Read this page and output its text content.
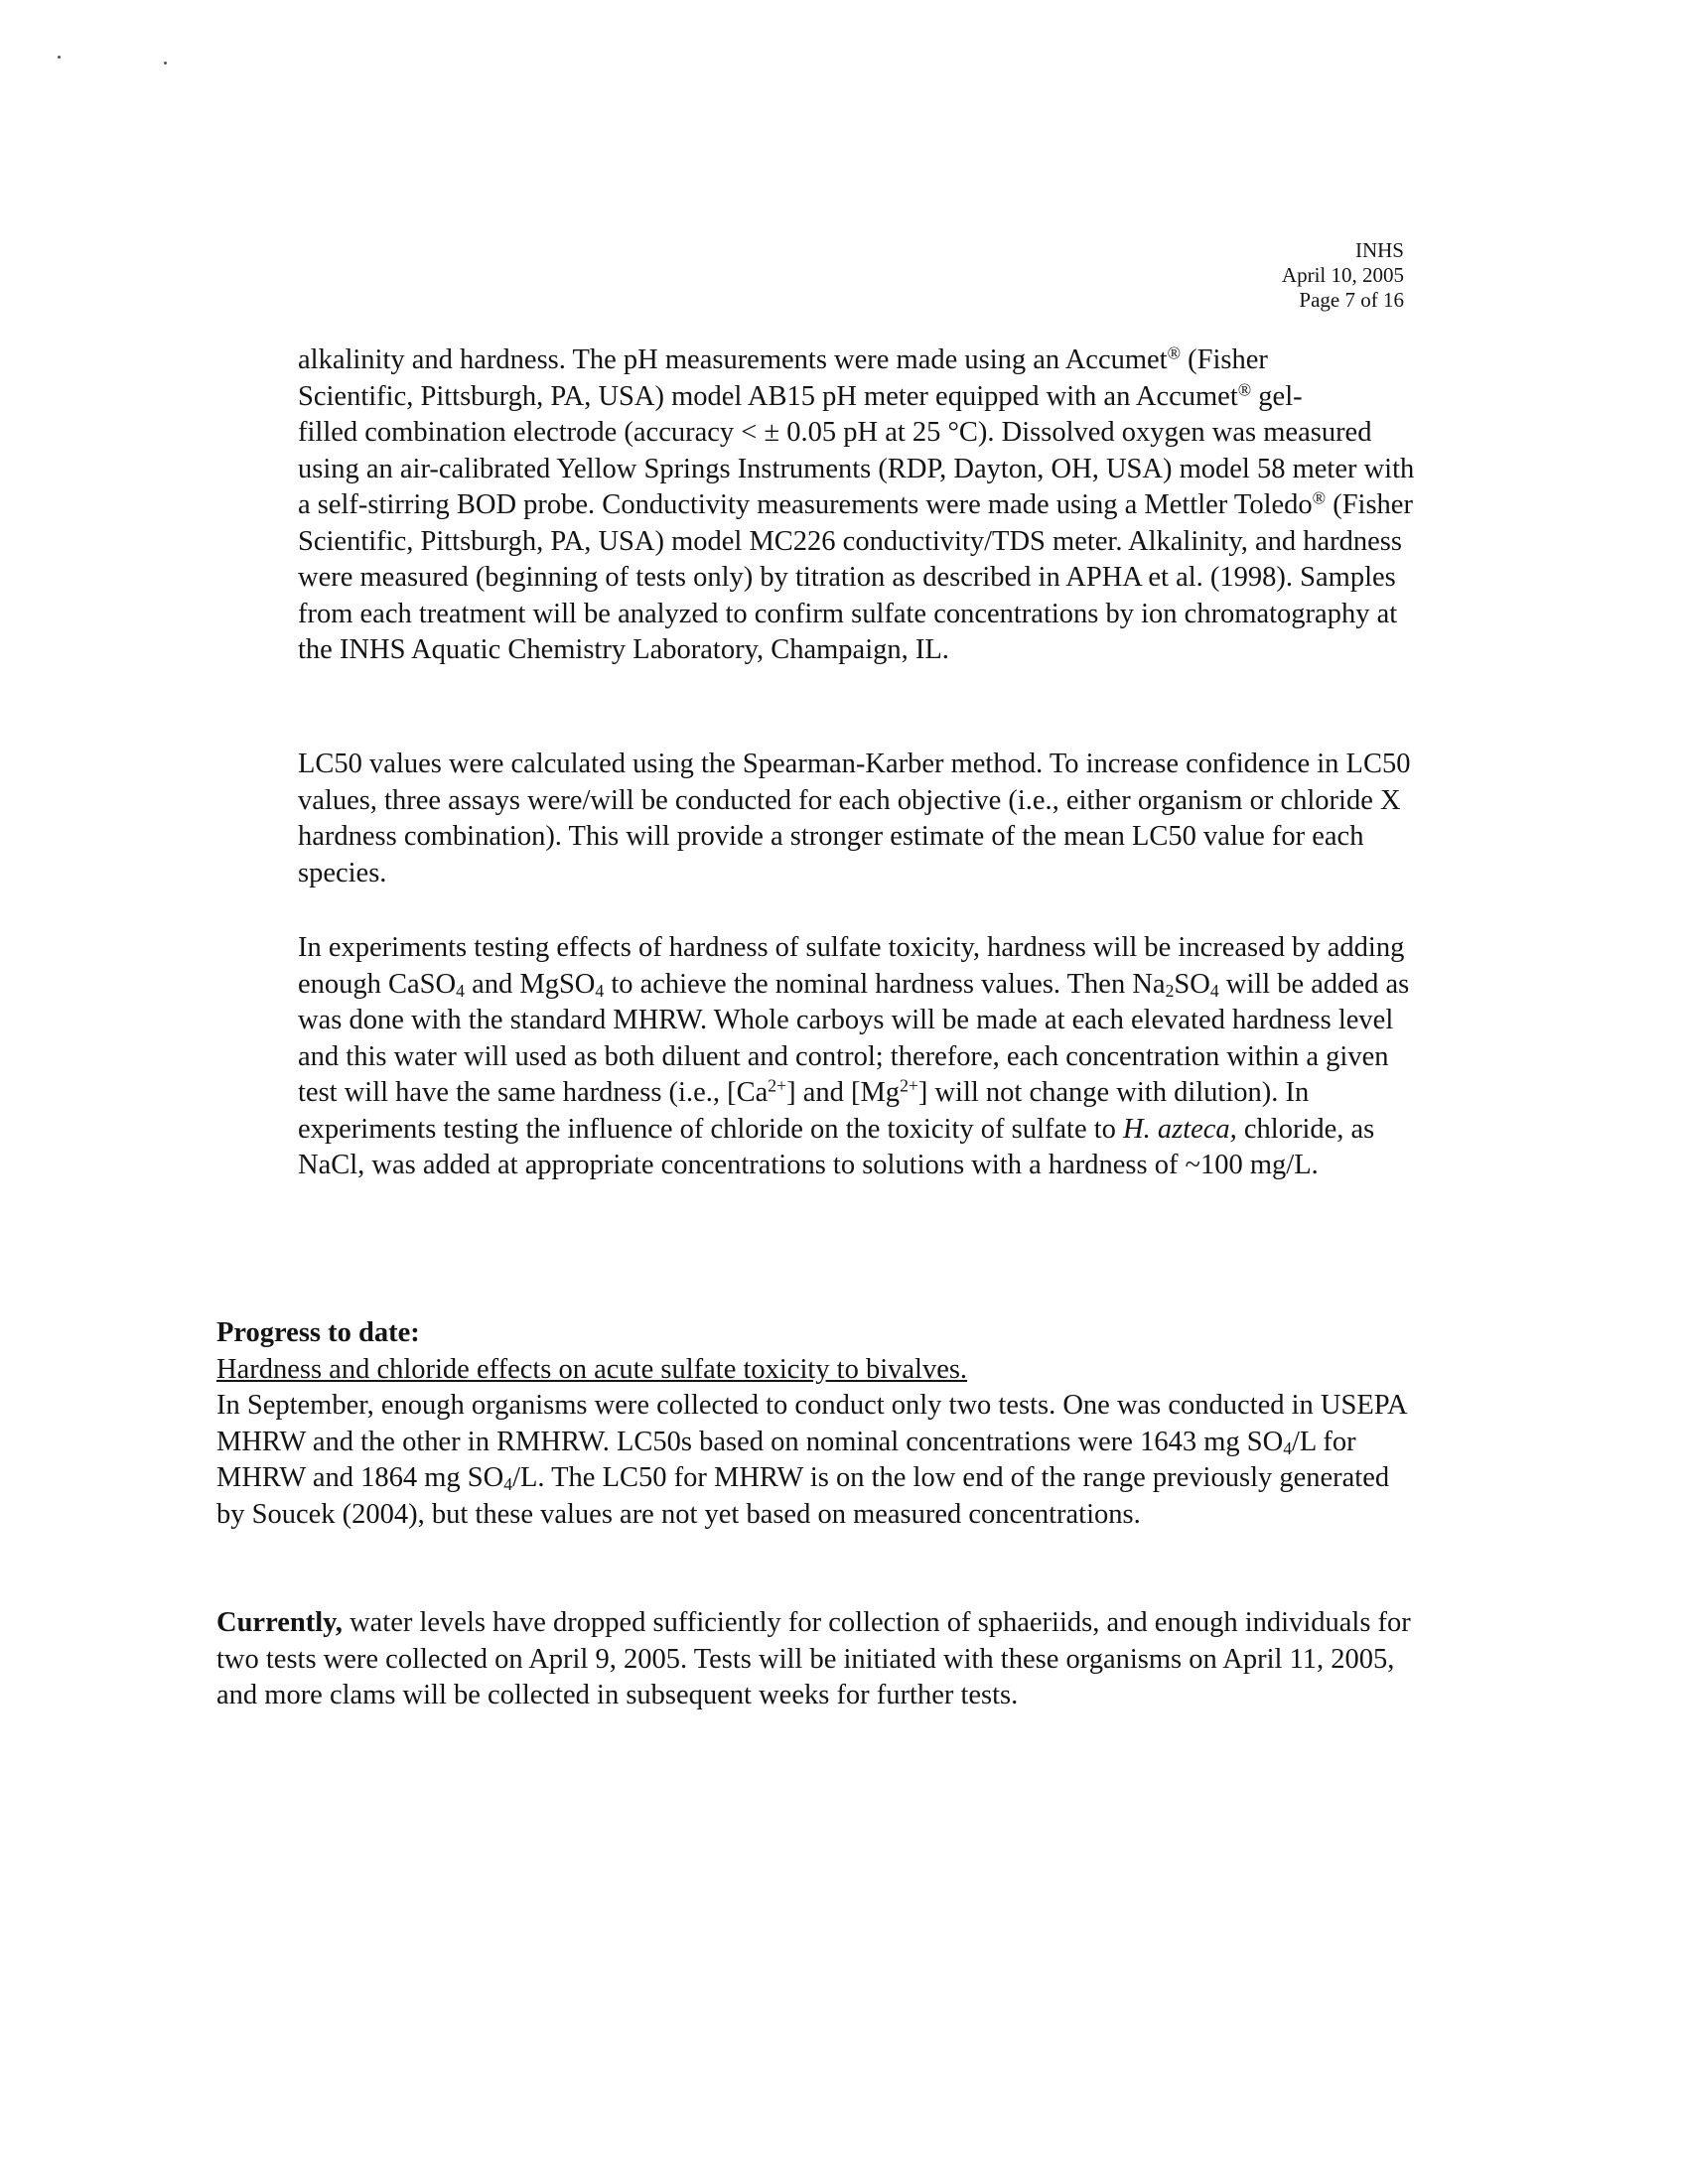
INHS
April 10, 2005
Page 7 of 16

alkalinity and hardness. The pH measurements were made using an Accumet® (Fisher
Scientific, Pittsburgh, PA, USA) model AB15 pH meter equipped with an Accumet® gel-
filled combination electrode (accuracy < ± 0.05 pH at 25 °C). Dissolved oxygen was measured using an air-calibrated Yellow Springs Instruments (RDP, Dayton, OH, USA) model 58 meter with a self-stirring BOD probe. Conductivity measurements were made using a Mettler Toledo® (Fisher Scientific, Pittsburgh, PA, USA) model MC226 conductivity/TDS meter. Alkalinity, and hardness were measured (beginning of tests only) by titration as described in APHA et al. (1998). Samples from each treatment will be analyzed to confirm sulfate concentrations by ion chromatography at the INHS Aquatic Chemistry Laboratory, Champaign, IL.

LC50 values were calculated using the Spearman-Karber method. To increase confidence in LC50 values, three assays were/will be conducted for each objective (i.e., either organism or chloride X hardness combination). This will provide a stronger estimate of the mean LC50 value for each species.

In experiments testing effects of hardness of sulfate toxicity, hardness will be increased by adding enough CaSO$_4$ and MgSO$_4$ to achieve the nominal hardness values. Then $Na_2SO_4$ will be added as was done with the standard MHRW. Whole carboys will be made at each elevated hardness level and this water will used as both diluent and control; therefore, each concentration within a given test will have the same hardness (i.e., $[Ca^{2+}]$ and $[Mg^{2+}]$ will not change with dilution). In experiments testing the influence of chloride on the toxicity of sulfate to H. azteca, chloride, as NaCl, was added at appropriate concentrations to solutions with a hardness of ~100 mg/L.

Progress to date:

Hardness and chloride effects on acute sulfate toxicity to bivalves.

In September, enough organisms were collected to conduct only two tests. One was conducted in USEPA MHRW and the other in RMHRW. LC50s based on nominal concentrations were 1643 mg $SO_4/L$ for MHRW and 1864 mg $SO_4/L$. The LC50 for MHRW is on the low end of the range previously generated by Soucek (2004), but these values are not yet based on measured concentrations.

Currently, water levels have dropped sufficiently for collection of sphaeriids, and enough individuals for two tests were collected on April 9, 2005. Tests will be initiated with these organisms on April 11, 2005, and more clams will be collected in subsequent weeks for further tests.
